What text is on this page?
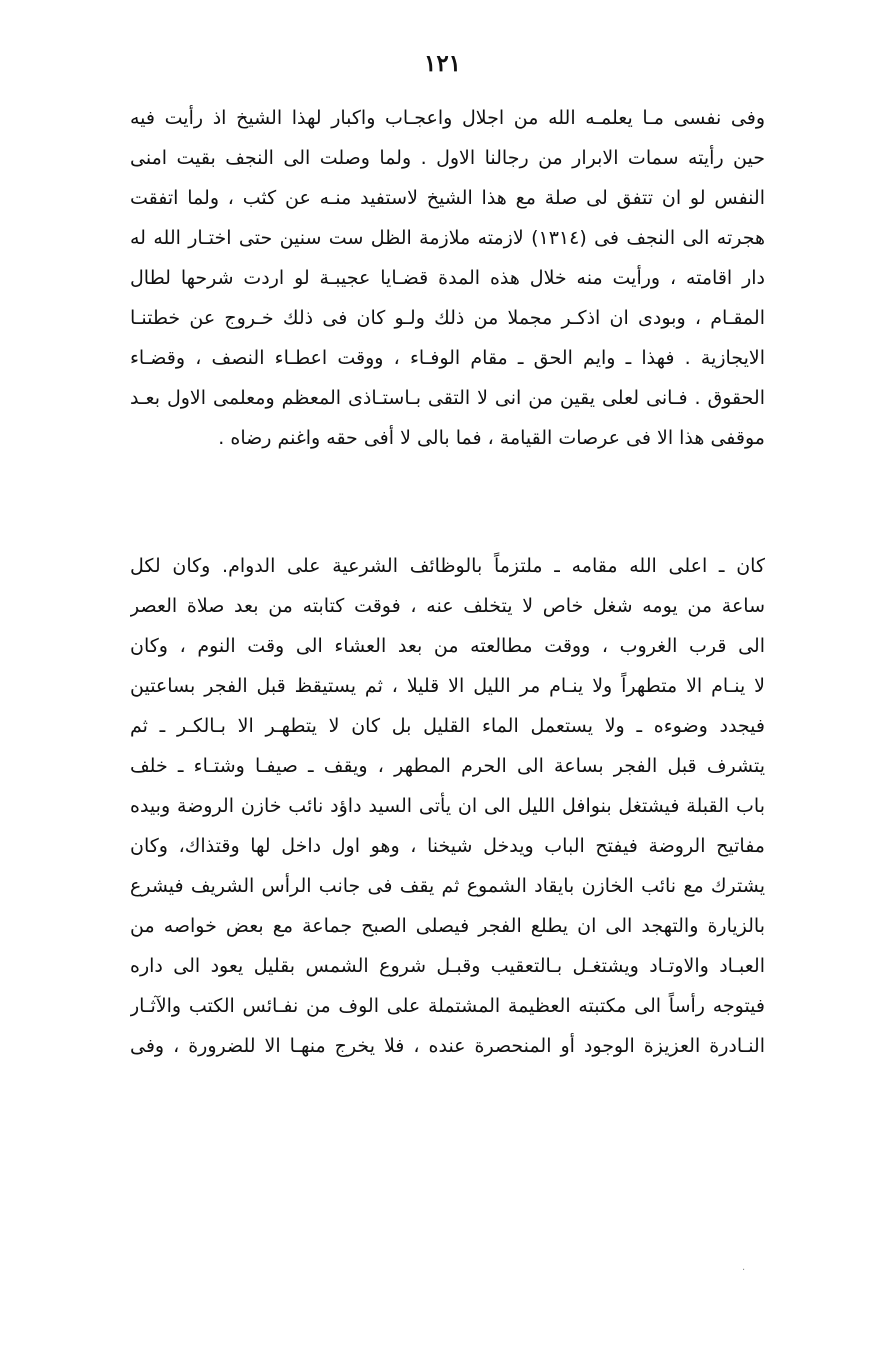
١٢١
وفى نفسى مـا يعلمـه الله من اجلال واعجـاب واكبار لهذا الشيخ اذ رأيت فيه
حين رأيته سمات الابرار من رجالنا الاول . ولما وصلت الى النجف بقيت امنى
النفس لو ان تتفق لى صلة مع هذا الشيخ لاستفيد منـه عن كثب ، ولما اتفقت
هجرته الى النجف فى (١٣١٤) لازمته ملازمة الظل ست سنين حتى اختـار الله له
دار اقامته ، ورأيت منه خلال هذه المدة قضـايا عجيبـة لو اردت شرحها لطال
المقـام ، وبودى ان اذكـر مجملا من ذلك ولـو كان فى ذلك خـروج عن خطتنـا
الايجازية . فهذا ـ وايم الحق ـ مقام الوفـاء ، ووقت اعطـاء النصف ، وقضـاء
الحقوق . فـانى لعلى يقين من انى لا التقى بـاستـاذى المعظم ومعلمى الاول بعـد
موقفى هذا الا فى عرصات القيامة ، فما بالى لا أفى حقه واغنم رضاه .
كان ـ اعلى الله مقامه ـ ملتزماً بالوظائف الشرعية على الدوام. وكان لكل
ساعة من يومه شغل خاص لا يتخلف عنه ، فوقت كتابته من بعد صلاة العصر
الى قرب الغروب ، ووقت مطالعته من بعد العشاء الى وقت النوم ، وكان
لا ينـام الا متطهراً ولا ينـام مر الليل الا قليلا ، ثم يستيقظ قبل الفجر بساعتين
فيجدد وضوءه ـ ولا يستعمل الماء القليل بل كان لا يتطهـر الا بـالكـر ـ ثم
يتشرف قبل الفجر بساعة الى الحرم المطهر ، ويقف ـ صيفـا وشتـاء ـ خلف
باب القبلة فيشتغل بنوافل الليل الى ان يأتى السيد داؤد نائب خازن الروضة وبيده
مفاتيح الروضة فيفتح الباب ويدخل شيخنا ، وهو اول داخل لها وقتذاك، وكان
يشترك مع نائب الخازن بايقاد الشموع ثم يقف فى جانب الرأس الشريف فيشرع
بالزيارة والتهجد الى ان يطلع الفجر فيصلى الصبح جماعة مع بعض خواصه من
العبـاد والاوتـاد ويشتغـل بـالتعقيب وقبـل شروع الشمس بقليل يعود الى داره
فيتوجه رأساً الى مكتبته العظيمة المشتملة على الوف من نفـائس الكتب والآثـار
النـادرة العزيزة الوجود أو المنحصرة عنده ، فلا يخرج منهـا الا للضرورة ، وفى
.
